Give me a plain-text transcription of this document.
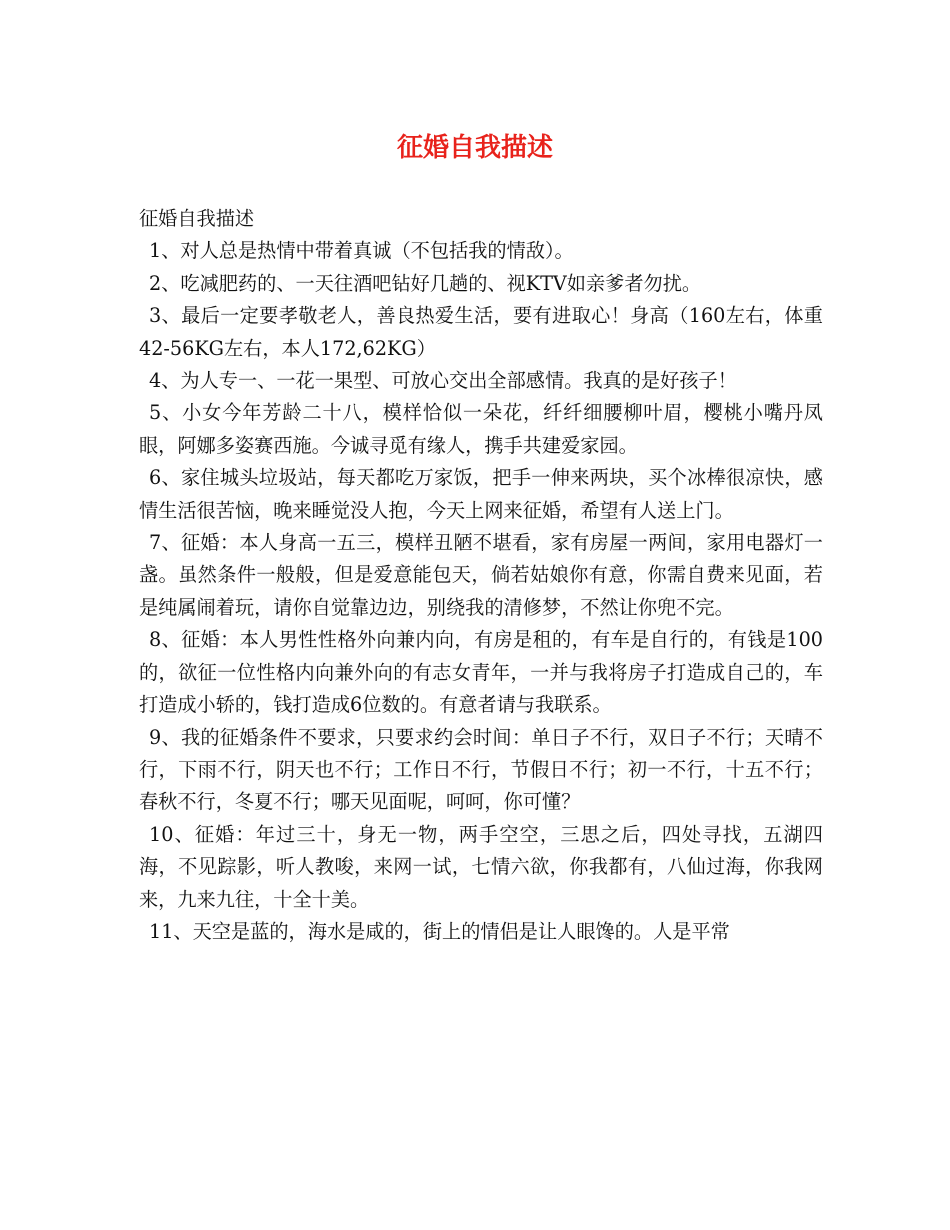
征婚自我描述

征婚自我描述

1、对人总是热情中带着真诚（不包括我的情敌）。

2、吃减肥药的、一天往酒吧钻好几趟的、视KTV如亲爹者勿扰。

3、最后一定要孝敬老人，善良热爱生活，要有进取心！身高（160左右，体重42-56KG左右，本人172,62KG）

4、为人专一、一花一果型、可放心交出全部感情。我真的是好孩子！

5、小女今年芳龄二十八，模样恰似一朵花，纤纤细腰柳叶眉，樱桃小嘴丹凤眼，阿娜多姿赛西施。今诚寻觅有缘人，携手共建爱家园。

6、家住城头垃圾站，每天都吃万家饭，把手一伸来两块，买个冰棒很凉快，感情生活很苦恼，晚来睡觉没人抱，今天上网来征婚，希望有人送上门。

7、征婚：本人身高一五三，模样丑陋不堪看，家有房屋一两间，家用电器灯一盏。虽然条件一般般，但是爱意能包天，倘若姑娘你有意，你需自费来见面，若是纯属闹着玩，请你自觉靠边边，别绕我的清修梦，不然让你兜不完。

8、征婚：本人男性性格外向兼内向，有房是租的，有车是自行的，有钱是100的，欲征一位性格内向兼外向的有志女青年，一并与我将房子打造成自己的，车打造成小轿的，钱打造成6位数的。有意者请与我联系。

9、我的征婚条件不要求，只要求约会时间：单日子不行，双日子不行；天晴不行，下雨不行，阴天也不行；工作日不行，节假日不行；初一不行，十五不行；春秋不行，冬夏不行；哪天见面呢，呵呵，你可懂？

10、征婚：年过三十，身无一物，两手空空，三思之后，四处寻找，五湖四海，不见踪影，听人教唆，来网一试，七情六欲，你我都有，八仙过海，你我网来，九来九往，十全十美。

11、天空是蓝的，海水是咸的，街上的情侣是让人眼馋的。人是平常
